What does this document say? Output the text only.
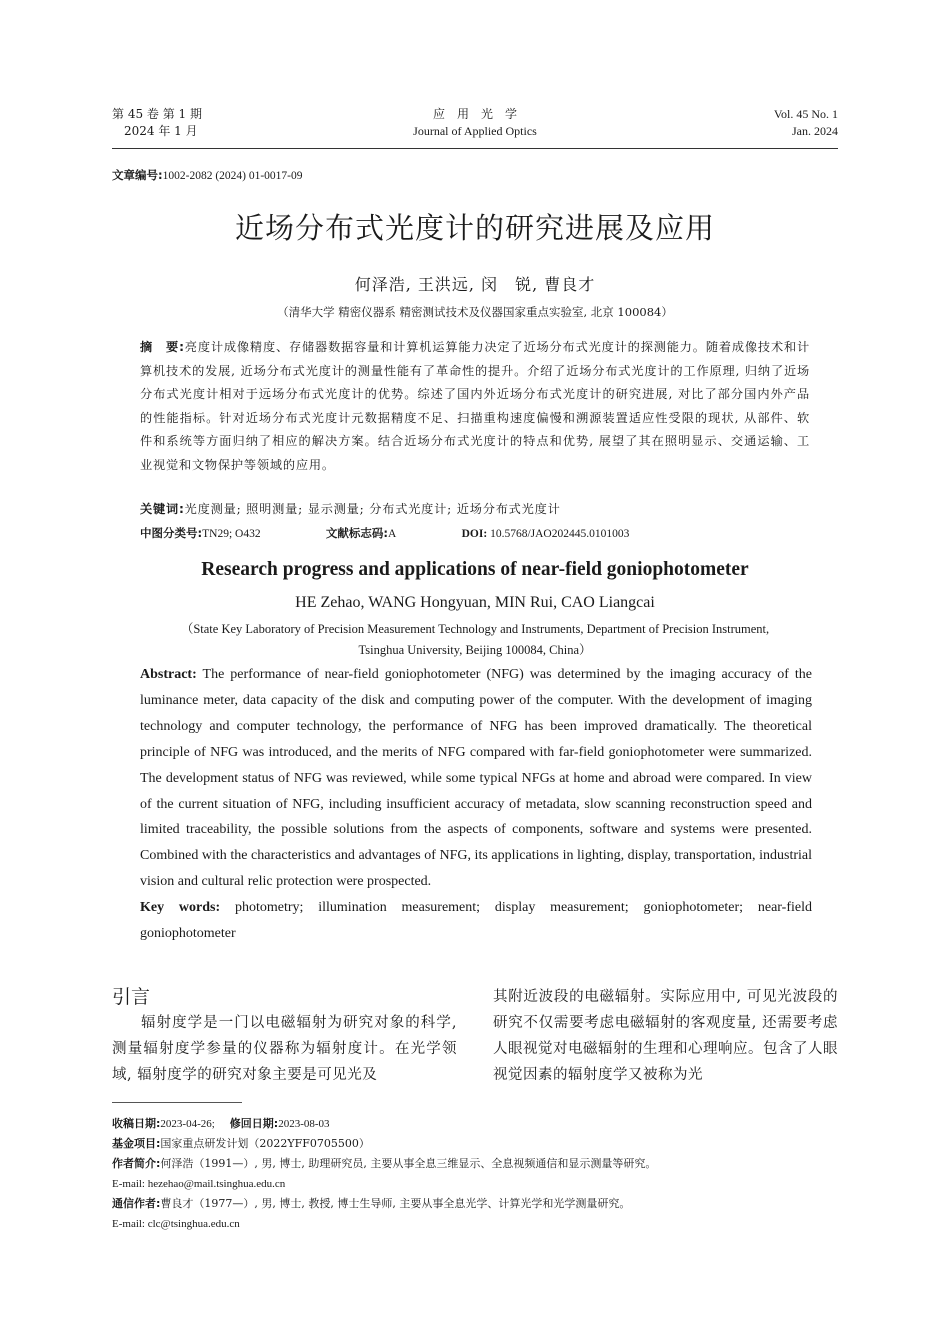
第 45 卷 第 1 期
2024 年 1 月
应　用　光　学
Journal of Applied Optics
Vol. 45 No. 1
Jan. 2024
文章编号:1002-2082 (2024) 01-0017-09
近场分布式光度计的研究进展及应用
何泽浩, 王洪远, 闵　锐, 曹良才
（清华大学 精密仪器系 精密测试技术及仪器国家重点实验室, 北京 100084）
摘　要:亮度计成像精度、存储器数据容量和计算机运算能力决定了近场分布式光度计的探测能力。随着成像技术和计算机技术的发展, 近场分布式光度计的测量性能有了革命性的提升。介绍了近场分布式光度计的工作原理, 归纳了近场分布式光度计相对于远场分布式光度计的优势。综述了国内外近场分布式光度计的研究进展, 对比了部分国内外产品的性能指标。针对近场分布式光度计元数据精度不足、扫描重构速度偏慢和溯源装置适应性受限的现状, 从部件、软件和系统等方面归纳了相应的解决方案。结合近场分布式光度计的特点和优势, 展望了其在照明显示、交通运输、工业视觉和文物保护等领域的应用。
关键词:光度测量; 照明测量; 显示测量; 分布式光度计; 近场分布式光度计
中图分类号:TN29; O432	文献标志码:A	DOI: 10.5768/JAO202445.0101003
Research progress and applications of near-field goniophotometer
HE Zehao, WANG Hongyuan, MIN Rui, CAO Liangcai
（State Key Laboratory of Precision Measurement Technology and Instruments, Department of Precision Instrument,
Tsinghua University, Beijing 100084, China）
Abstract: The performance of near-field goniophotometer (NFG) was determined by the imaging accuracy of the luminance meter, data capacity of the disk and computing power of the computer. With the development of imaging technology and computer technology, the performance of NFG has been improved dramatically. The theoretical principle of NFG was introduced, and the merits of NFG compared with far-field goniophotometer were summarized. The development status of NFG was reviewed, while some typical NFGs at home and abroad were compared. In view of the current situation of NFG, including insufficient accuracy of metadata, slow scanning reconstruction speed and limited traceability, the possible solutions from the aspects of components, software and systems were presented. Combined with the characteristics and advantages of NFG, its applications in lighting, display, transportation, industrial vision and cultural relic protection were prospected.
Key words: photometry; illumination measurement; display measurement; goniophotometer; near-field goniophotometer
引言
辐射度学是一门以电磁辐射为研究对象的科学, 测量辐射度学参量的仪器称为辐射度计。在光学领域, 辐射度学的研究对象主要是可见光及
其附近波段的电磁辐射。实际应用中, 可见光波段的研究不仅需要考虑电磁辐射的客观度量, 还需要考虑人眼视觉对电磁辐射的生理和心理响应。包含了人眼视觉因素的辐射度学又被称为光
收稿日期:2023-04-26; 修回日期:2023-08-03
基金项目:国家重点研发计划（2022YFF0705500）
作者简介:何泽浩（1991—）, 男, 博士, 助理研究员, 主要从事全息三维显示、全息视频通信和显示测量等研究。
E-mail: hezehao@mail.tsinghua.edu.cn
通信作者:曹良才（1977—）, 男, 博士, 教授, 博士生导师, 主要从事全息光学、计算光学和光学测量研究。
E-mail: clc@tsinghua.edu.cn
